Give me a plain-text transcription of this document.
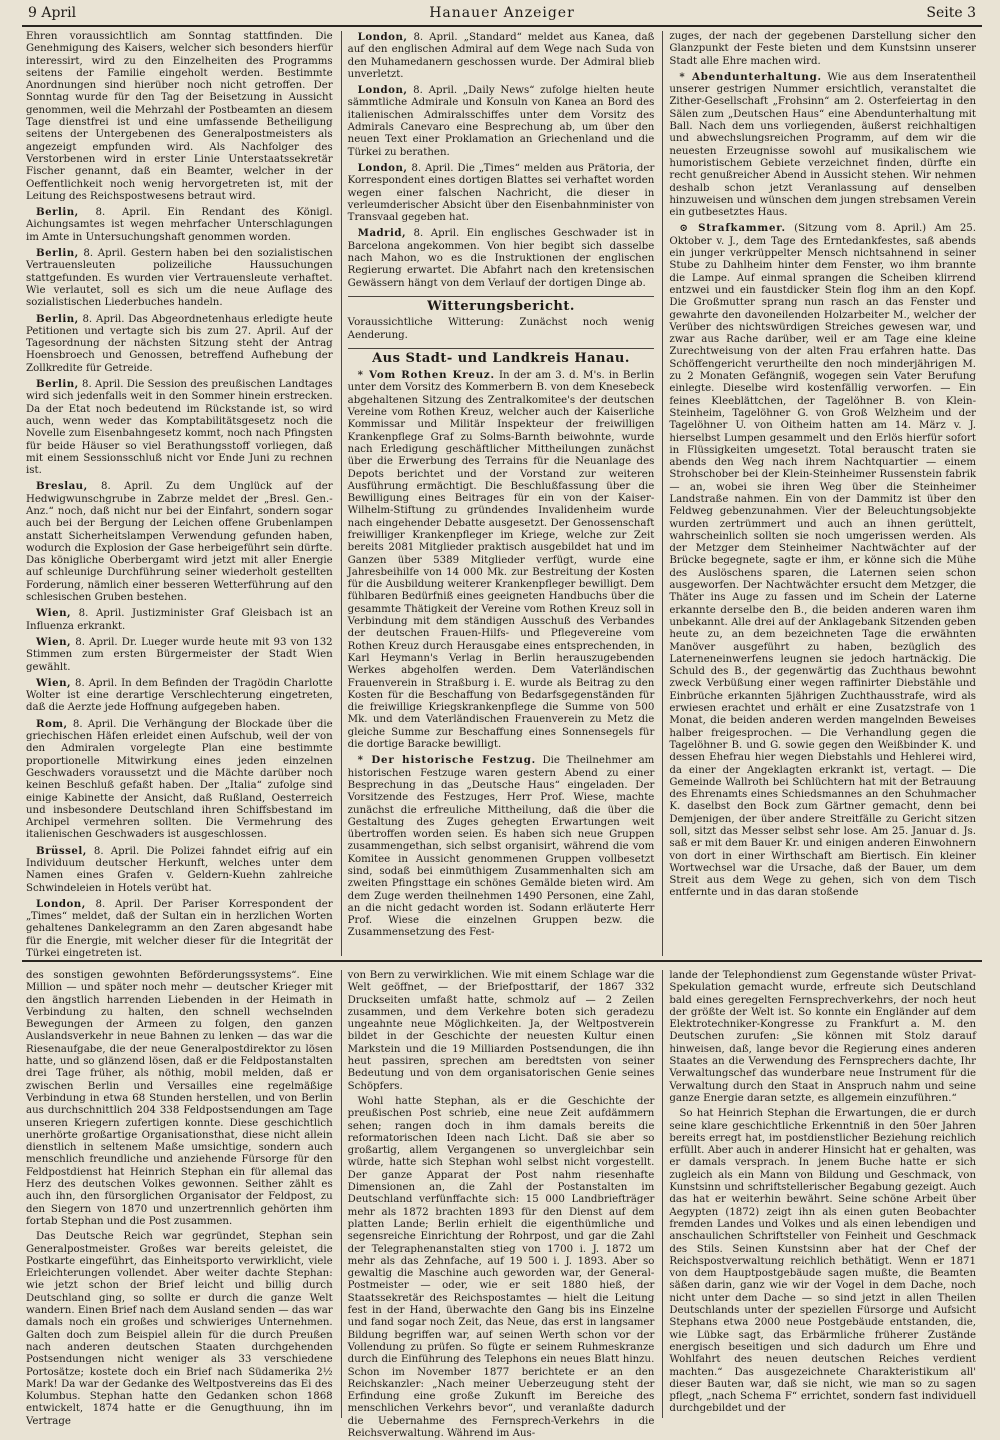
9 April	Hanauer Anzeiger	Seite 3

Ehren voraussichtlich am Sonntag stattfinden. Die Genehmigung des Kaisers, welcher sich besonders hierfür interessirt, wird zu den Einzelheiten des Programms seitens der Familie eingeholt werden. Bestimmte Anordnungen sind hierüber noch nicht getroffen. Der Sonntag wurde für den Tag der Beisetzung in Aussicht genommen, weil die Mehrzahl der Postbeamten an diesem Tage dienstfrei ist und eine umfassende Betheiligung seitens der Untergebenen des Generalpostmeisters als angezeigt empfunden wird. Als Nachfolger des Verstorbenen wird in erster Linie Unterstaatssekretär Fischer genannt, daß ein Beamter, welcher in der Oeffentlichkeit noch wenig hervorgetreten ist, mit der Leitung des Reichspostwesens betraut wird.

Berlin, 8. April. Ein Rendant des Königl. Aichungsamtes ist wegen mehrfacher Unterschlagungen im Amte in Untersuchungshaft genommen worden.

Berlin, 8. April. Gestern haben bei den sozialistischen Vertrauensleuten polizeiliche Haussuchungen stattgefunden. Es wurden vier Vertrauensleute verhaftet. Wie verlautet, soll es sich um die neue Auflage des sozialistischen Liederbuches handeln.

Berlin, 8. April. Das Abgeordnetenhaus erledigte heute Petitionen und vertagte sich bis zum 27. April. Auf der Tagesordnung der nächsten Sitzung steht der Antrag Hoensbroech und Genossen, betreffend Aufhebung der Zollkredite für Getreide.

Berlin, 8. April. Die Session des preußischen Landtages wird sich jedenfalls weit in den Sommer hinein erstrecken. Da der Etat noch bedeutend im Rückstande ist, so wird auch, wenn weder das Komptabilitätsgesetz noch die Novelle zum Eisenbahngesetz kommt, noch nach Pfingsten für beide Häuser so viel Berathungsstoff vorliegen, daß mit einem Sessionsschluß nicht vor Ende Juni zu rechnen ist.

Breslau, 8. April. Zu dem Unglück auf der Hedwigwunschgrube in Zabrze meldet der „Bresl. Gen.-Anz.“ noch, daß nicht nur bei der Einfahrt, sondern sogar auch bei der Bergung der Leichen offene Grubenlampen anstatt Sicherheitslampen Verwendung gefunden haben, wodurch die Explosion der Gase herbeigeführt sein dürfte. Das königliche Oberbergamt wird jetzt mit aller Energie auf schleunige Durchführung seiner wiederholt gestellten Forderung, nämlich einer besseren Wetterführung auf den schlesischen Gruben bestehen.

Wien, 8. April. Justizminister Graf Gleisbach ist an Influenza erkrankt.

Wien, 8. April. Dr. Lueger wurde heute mit 93 von 132 Stimmen zum ersten Bürgermeister der Stadt Wien gewählt.

Wien, 8. April. In dem Befinden der Tragödin Charlotte Wolter ist eine derartige Verschlechterung eingetreten, daß die Aerzte jede Hoffnung aufgegeben haben.

Rom, 8. April. Die Verhängung der Blockade über die griechischen Häfen erleidet einen Aufschub, weil der von den Admiralen vorgelegte Plan eine bestimmte proportionelle Mitwirkung eines jeden einzelnen Geschwaders voraussetzt und die Mächte darüber noch keinen Beschluß gefaßt haben. Der „Italia“ zufolge sind einige Kabinette der Ansicht, daß Rußland, Oesterreich und insbesondere Deutschland ihren Schiffsbestand im Archipel vermehren sollten. Die Vermehrung des italienischen Geschwaders ist ausgeschlossen.

Brüssel, 8. April. Die Polizei fahndet eifrig auf ein Individuum deutscher Herkunft, welches unter dem Namen eines Grafen v. Geldern-Kuehn zahlreiche Schwindeleien in Hotels verübt hat.

London, 8. April. Der Pariser Korrespondent der „Times“ meldet, daß der Sultan ein in herzlichen Worten gehaltenes Dankelegramm an den Zaren abgesandt habe für die Energie, mit welcher dieser für die Integrität der Türkei eingetreten ist.

London, 8. April. „Standard“ meldet aus Kanea, daß auf den englischen Admiral auf dem Wege nach Suda von den Muhamedanern geschossen wurde. Der Admiral blieb unverletzt.

London, 8. April. „Daily News“ zufolge hielten heute sämmtliche Admirale und Konsuln von Kanea an Bord des italienischen Admiralsschiffes unter dem Vorsitz des Admirals Canevaro eine Besprechung ab, um über den neuen Text einer Proklamation an Griechenland und die Türkei zu berathen.

London, 8. April. Die „Times“ melden aus Prätoria, der Korrespondent eines dortigen Blattes sei verhaftet worden wegen einer falschen Nachricht, die dieser in verleumderischer Absicht über den Eisenbahnminister von Transvaal gegeben hat.

Madrid, 8. April. Ein englisches Geschwader ist in Barcelona angekommen. Von hier begibt sich dasselbe nach Mahon, wo es die Instruktionen der englischen Regierung erwartet. Die Abfahrt nach den kretensischen Gewässern hängt von dem Verlauf der dortigen Dinge ab.

Witterungsbericht.

Voraussichtliche Witterung: Zunächst noch wenig Aenderung.

Aus Stadt- und Landkreis Hanau.

* Vom Rothen Kreuz. In der am 3. d. M's. in Berlin unter dem Vorsitz des Kommerbern B. von dem Knesebeck abgehaltenen Sitzung des Zentralkomitee's der deutschen Vereine vom Rothen Kreuz, welcher auch der Kaiserliche Kommissar und Militär Inspekteur der freiwilligen Krankenpflege Graf zu Solms-Barnth beiwohnte, wurde nach Erledigung geschäftlicher Mittheilungen zunächst über die Erwerbung des Terrains für die Neuanlage des Depots berichtet und der Vorstand zur weiteren Ausführung ermächtigt. Die Beschlußfassung über die Bewilligung eines Beitrages für ein von der Kaiser-Wilhelm-Stiftung zu gründendes Invalidenheim wurde nach eingehender Debatte ausgesetzt. Der Genossenschaft freiwilliger Krankenpfleger im Kriege, welche zur Zeit bereits 2081 Mitglieder praktisch ausgebildet hat und im Ganzen über 5389 Mitglieder verfügt, wurde eine Jahresbeihilfe von 14 000 Mk. zur Bestreitung der Kosten für die Ausbildung weiterer Krankenpfleger bewilligt. Dem fühlbaren Bedürfniß eines geeigneten Handbuchs über die gesammte Thätigkeit der Vereine vom Rothen Kreuz soll in Verbindung mit dem ständigen Ausschuß des Verbandes der deutschen Frauen-Hilfs- und Pflegevereine vom Rothen Kreuz durch Herausgabe eines entsprechenden, in Karl Heymann's Verlag in Berlin herauszugebenden Werkes abgeholfen werden. Dem Vaterländischen Frauenverein in Straßburg i. E. wurde als Beitrag zu den Kosten für die Beschaffung von Bedarfsgegenständen für die freiwillige Kriegskrankenpflege die Summe von 500 Mk. und dem Vaterländischen Frauenverein zu Metz die gleiche Summe zur Beschaffung eines Sonnensegels für die dortige Baracke bewilligt.

* Der historische Festzug. Die Theilnehmer am historischen Festzuge waren gestern Abend zu einer Besprechung in das „Deutsche Haus“ eingeladen. Der Vorsitzende des Festzuges, Herr Prof. Wiese, machte zunächst die erfreuliche Mittheilung, daß die über die Gestaltung des Zuges gehegten Erwartungen weit übertroffen worden seien. Es haben sich neue Gruppen zusammengethan, sich selbst organisirt, während die vom Komitee in Aussicht genommenen Gruppen vollbesetzt sind, sodaß bei einmüthigem Zusammenhalten sich am zweiten Pfingsttage ein schönes Gemälde bieten wird. Am dem Zuge werden theilnehmen 1490 Personen, eine Zahl, an die nicht gedacht worden ist. Sodann erläuterte Herr Prof. Wiese die einzelnen Gruppen bezw. die Zusammensetzung des Fest-

zuges, der nach der gegebenen Darstellung sicher den Glanzpunkt der Feste bieten und dem Kunstsinn unserer Stadt alle Ehre machen wird.

* Abendunterhaltung. Wie aus dem Inseratentheil unserer gestrigen Nummer ersichtlich, veranstaltet die Zither-Gesellschaft „Frohsinn“ am 2. Osterfeiertag in den Sälen zum „Deutschen Haus“ eine Abendunterhaltung mit Ball. Nach dem uns vorliegenden, äußerst reichhaltigen und abwechslungsreichen Programm, auf dem wir die neuesten Erzeugnisse sowohl auf musikalischem wie humoristischem Gebiete verzeichnet finden, dürfte ein recht genußreicher Abend in Aussicht stehen. Wir nehmen deshalb schon jetzt Veranlassung auf denselben hinzuweisen und wünschen dem jungen strebsamen Verein ein gutbesetztes Haus.

⊙ Strafkammer. (Sitzung vom 8. April.) Am 25. Oktober v. J., dem Tage des Erntedankfestes, saß abends ein junger verkrüppelter Mensch nichtsahnend in seiner Stube zu Dahlheim hinter dem Fenster, wo ihm brannte die Lampe. Auf einmal sprangen die Scheiben klirrend entzwei und ein faustdicker Stein flog ihm an den Kopf. Die Großmutter sprang nun rasch an das Fenster und gewahrte den davoneilenden Holzarbeiter M., welcher der Verüber des nichtswürdigen Streiches gewesen war, und zwar aus Rache darüber, weil er am Tage eine kleine Zurechtweisung von der alten Frau erfahren hatte. Das Schöffengericht verurtheilte den noch minderjährigen M. zu 2 Monaten Gefängniß, wogegen sein Vater Berufung einlegte. Dieselbe wird kostenfällig verworfen. — Ein feines Kleeblättchen, der Tagelöhner B. von Klein-Steinheim, Tagelöhner G. von Groß Welzheim und der Tagelöhner U. von Oitheim hatten am 14. März v. J. hierselbst Lumpen gesammelt und den Erlös hierfür sofort in Flüssigkeiten umgesetzt. Total berauscht traten sie abends den Weg nach ihrem Nachtquartier — einem Strohschober bei der Klein-Steinheimer Russenstein fabrik — an, wobei sie ihren Weg über die Steinheimer Landstraße nahmen. Ein von der Dammitz ist über den Feldweg gebenzunahmen. Vier der Beleuchtungsobjekte wurden zertrümmert und auch an ihnen gerüttelt, wahrscheinlich sollten sie noch umgerissen werden. Als der Metzger dem Steinheimer Nachtwächter auf der Brücke begegnete, sagte er ihm, er könne sich die Mühe des Auslöschens sparen, die Laternen seien schon ausgeworfen. Der Nachtwächter ersucht dem Metzger, die Thäter ins Auge zu fassen und im Schein der Laterne erkannte derselbe den B., die beiden anderen waren ihm unbekannt. Alle drei auf der Anklagebank Sitzenden geben heute zu, an dem bezeichneten Tage die erwähnten Manöver ausgeführt zu haben, bezüglich des Laterneneinwerfens leugnen sie jedoch hartnäckig. Die Schuld des B., der gegenwärtig das Zuchthaus bewohnt zweck Verbüßung einer wegen raffinirter Diebstähle und Einbrüche erkannten 5jährigen Zuchthausstrafe, wird als erwiesen erachtet und erhält er eine Zusatzstrafe von 1 Monat, die beiden anderen werden mangelnden Beweises halber freigesprochen. — Die Verhandlung gegen die Tagelöhner B. und G. sowie gegen den Weißbinder K. und dessen Ehefrau hier wegen Diebstahls und Hehlerei wird, da einer der Angeklagten erkrankt ist, vertagt. — Die Gemeinde Wallroth bei Schlüchtern hat mit der Betrauung des Ehrenamts eines Schiedsmannes an den Schuhmacher K. daselbst den Bock zum Gärtner gemacht, denn bei Demjenigen, der über andere Streitfälle zu Gericht sitzen soll, sitzt das Messer selbst sehr lose. Am 25. Januar d. Js. saß er mit dem Bauer Kr. und einigen anderen Einwohnern von dort in einer Wirthschaft am Biertisch. Ein kleiner Wortwechsel war die Ursache, daß der Bauer, um dem Streit aus dem Wege zu gehen, sich von dem Tisch entfernte und in das daran stoßende

des sonstigen gewohnten Beförderungssystems“. Eine Million — und später noch mehr — deutscher Krieger mit den ängstlich harrenden Liebenden in der Heimath in Verbindung zu halten, den schnell wechselnden Bewegungen der Armeen zu folgen, den ganzen Auslandsverkehr in neue Bahnen zu lenken — das war die Riesenaufgabe, die der neue Generalpostdirektor zu lösen hatte, und so glänzend lösen, daß er die Feldpostanstalten drei Tage früher, als nöthig, mobil melden, daß er zwischen Berlin und Versailles eine regelmäßige Verbindung in etwa 68 Stunden herstellen, und von Berlin aus durchschnittlich 204 338 Feldpostsendungen am Tage unseren Kriegern zufertigen konnte. Diese geschichtlich unerhörte großartige Organisationsthat, diese nicht allein dienstlich in seltenem Maße umsichtige, sondern auch menschlich freundliche und anziehende Fürsorge für den Feldpostdienst hat Heinrich Stephan ein für allemal das Herz des deutschen Volkes gewonnen. Seither zählt es auch ihn, den fürsorglichen Organisator der Feldpost, zu den Siegern von 1870 und unzertrennlich gehörten ihm fortab Stephan und die Post zusammen.

Das Deutsche Reich war gegründet, Stephan sein Generalpostmeister. Großes war bereits geleistet, die Postkarte eingeführt, das Einheitsporto verwirklicht, viele Erleichterungen vollendet. Aber weiter dachte Stephan: wie jetzt schon der Brief leicht und billig durch Deutschland ging, so sollte er durch die ganze Welt wandern. Einen Brief nach dem Ausland senden — das war damals noch ein großes und schwieriges Unternehmen. Galten doch zum Beispiel allein für die durch Preußen nach anderen deutschen Staaten durchgehenden Postsendungen nicht weniger als 33 verschiedene Portosätze; kostete doch ein Brief nach Südamerika 2½ Mark! Da war der Gedanke des Weltpostvereins das Ei des Kolumbus. Stephan hatte den Gedanken schon 1868 entwickelt, 1874 hatte er die Genugthuung, ihn im Vertrage

von Bern zu verwirklichen. Wie mit einem Schlage war die Welt geöffnet, — der Briefposttarif, der 1867 332 Druckseiten umfaßt hatte, schmolz auf — 2 Zeilen zusammen, und dem Verkehre boten sich geradezu ungeahnte neue Möglichkeiten. Ja, der Weltpostverein bildet in der Geschichte der neuesten Kultur einen Markstein und die 19 Milliarden Postsendungen, die ihn heut passiren, sprechen am beredtsten von seiner Bedeutung und von dem organisatorischen Genie seines Schöpfers.

Wohl hatte Stephan, als er die Geschichte der preußischen Post schrieb, eine neue Zeit aufdämmern sehen; rangen doch in ihm damals bereits die reformatorischen Ideen nach Licht. Daß sie aber so großartig, allem Vergangenen so unvergleichbar sein würde, hatte sich Stephan wohl selbst nicht vorgestellt. Der ganze Apparat der Post nahm riesenhafte Dimensionen an, die Zahl der Postanstalten im Deutschland verfünffachte sich: 15 000 Landbriefträger mehr als 1872 brachten 1893 für den Dienst auf dem platten Lande; Berlin erhielt die eigenthümliche und segensreiche Einrichtung der Rohrpost, und gar die Zahl der Telegraphenanstalten stieg von 1700 i. J. 1872 um mehr als das Zehnfache, auf 19 500 i. J. 1893. Aber so gewaltig die Maschine auch geworden war, der General-Postmeister — oder, wie er seit 1880 hieß, der Staatssekretär des Reichspostamtes — hielt die Leitung fest in der Hand, überwachte den Gang bis ins Einzelne und fand sogar noch Zeit, das Neue, das erst in langsamer Bildung begriffen war, auf seinen Werth schon vor der Vollendung zu prüfen. So fügte er seinem Ruhmeskranze durch die Einführung des Telephons ein neues Blatt hinzu. Schon im November 1877 berichtete er an den Reichskanzler: „Nach meiner Ueberzeugung steht der Erfindung eine große Zukunft im Bereiche des menschlichen Verkehrs bevor“, und veranlaßte dadurch die Uebernahme des Fernsprech-Verkehrs in die Reichsverwaltung. Während im Aus-

lande der Telephondienst zum Gegenstande wüster Privat-Spekulation gemacht wurde, erfreute sich Deutschland bald eines geregelten Fernsprechverkehrs, der noch heut der größte der Welt ist. So konnte ein Engländer auf dem Elektrotechniker-Kongresse zu Frankfurt a. M. den Deutschen zurufen: „Sie können mit Stolz darauf hinweisen, daß, lange bevor die Regierung eines anderen Staates an die Verwendung des Fernsprechers dachte, Ihr Verwaltungschef das wunderbare neue Instrument für die Verwaltung durch den Staat in Anspruch nahm und seine ganze Energie daran setzte, es allgemein einzuführen.“

So hat Heinrich Stephan die Erwartungen, die er durch seine klare geschichtliche Erkenntniß in den 50er Jahren bereits erregt hat, im postdienstlicher Beziehung reichlich erfüllt. Aber auch in anderer Hinsicht hat er gehalten, was er damals versprach. In jenem Buche hatte er sich zugleich als ein Mann von Bildung und Geschmack, von Kunstsinn und schriftstellerischer Begabung gezeigt. Auch das hat er weiterhin bewährt. Seine schöne Arbeit über Aegypten (1872) zeigt ihn als einen guten Beobachter fremden Landes und Volkes und als einen lebendigen und anschaulichen Schriftsteller von Feinheit und Geschmack des Stils. Seinen Kunstsinn aber hat der Chef der Reichspostverwaltung reichlich bethätigt. Wenn er 1871 von dem Hauptpostgebäude sagen mußte, die Beamten säßen darin, ganz wie wir der Vogel in dem Dache, noch nicht unter dem Dache — so sind jetzt in allen Theilen Deutschlands unter der speziellen Fürsorge und Aufsicht Stephans etwa 2000 neue Postgebäude entstanden, die, wie Lübke sagt, das Erbärmliche früherer Zustände energisch beseitigen und sich dadurch um Ehre und Wohlfahrt des neuen deutschen Reiches verdient machten.“ Das ausgezeichnete Charakteristikum all' dieser Bauten war, daß sie nicht, wie man so zu sagen pflegt, „nach Schema F“ errichtet, sondern fast individuell durchgebildet und der
